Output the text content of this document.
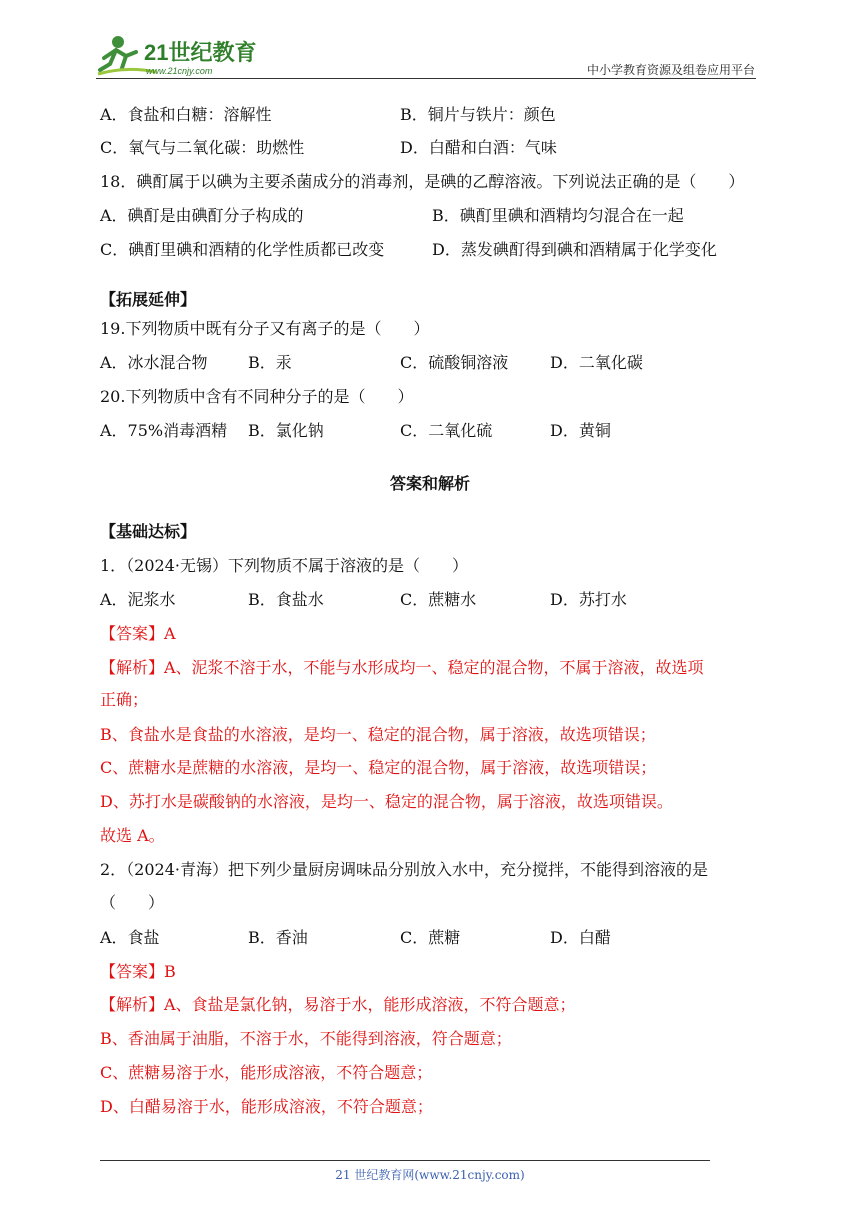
21世纪教育
www.21cnjy.com	中小学教育资源及组卷应用平台
A．食盐和白糖：溶解性	B．铜片与铁片：颜色
C．氧气与二氧化碳：助燃性	D．白醋和白酒：气味
18．碘酊属于以碘为主要杀菌成分的消毒剂，是碘的乙醇溶液。下列说法正确的是（　　）
A．碘酊是由碘酊分子构成的	B．碘酊里碘和酒精均匀混合在一起
C．碘酊里碘和酒精的化学性质都已改变	D．蒸发碘酊得到碘和酒精属于化学变化
【拓展延伸】
19.下列物质中既有分子又有离子的是（　　）
A．冰水混合物	B．汞	C．硫酸铜溶液	D．二氧化碳
20.下列物质中含有不同种分子的是（　　）
A．75%消毒酒精 B．氯化钠	C．二氧化硫	D．黄铜
答案和解析
【基础达标】
1．（2024·无锡）下列物质不属于溶液的是（　　）
A．泥浆水	B．食盐水	C．蔗糖水	D．苏打水
【答案】A
【解析】A、泥浆不溶于水，不能与水形成均一、稳定的混合物，不属于溶液，故选项
正确；
B、食盐水是食盐的水溶液，是均一、稳定的混合物，属于溶液，故选项错误；
C、蔗糖水是蔗糖的水溶液，是均一、稳定的混合物，属于溶液，故选项错误；
D、苏打水是碳酸钠的水溶液，是均一、稳定的混合物，属于溶液，故选项错误。
故选 A。
2．（2024·青海）把下列少量厨房调味品分别放入水中，充分搅拌，不能得到溶液的是
（　　）
A．食盐	B．香油	C．蔗糖	D．白醋
【答案】B
【解析】A、食盐是氯化钠，易溶于水，能形成溶液，不符合题意；
B、香油属于油脂，不溶于水，不能得到溶液，符合题意；
C、蔗糖易溶于水，能形成溶液，不符合题意；
D、白醋易溶于水，能形成溶液，不符合题意；
21 世纪教育网(www.21cnjy.com)
